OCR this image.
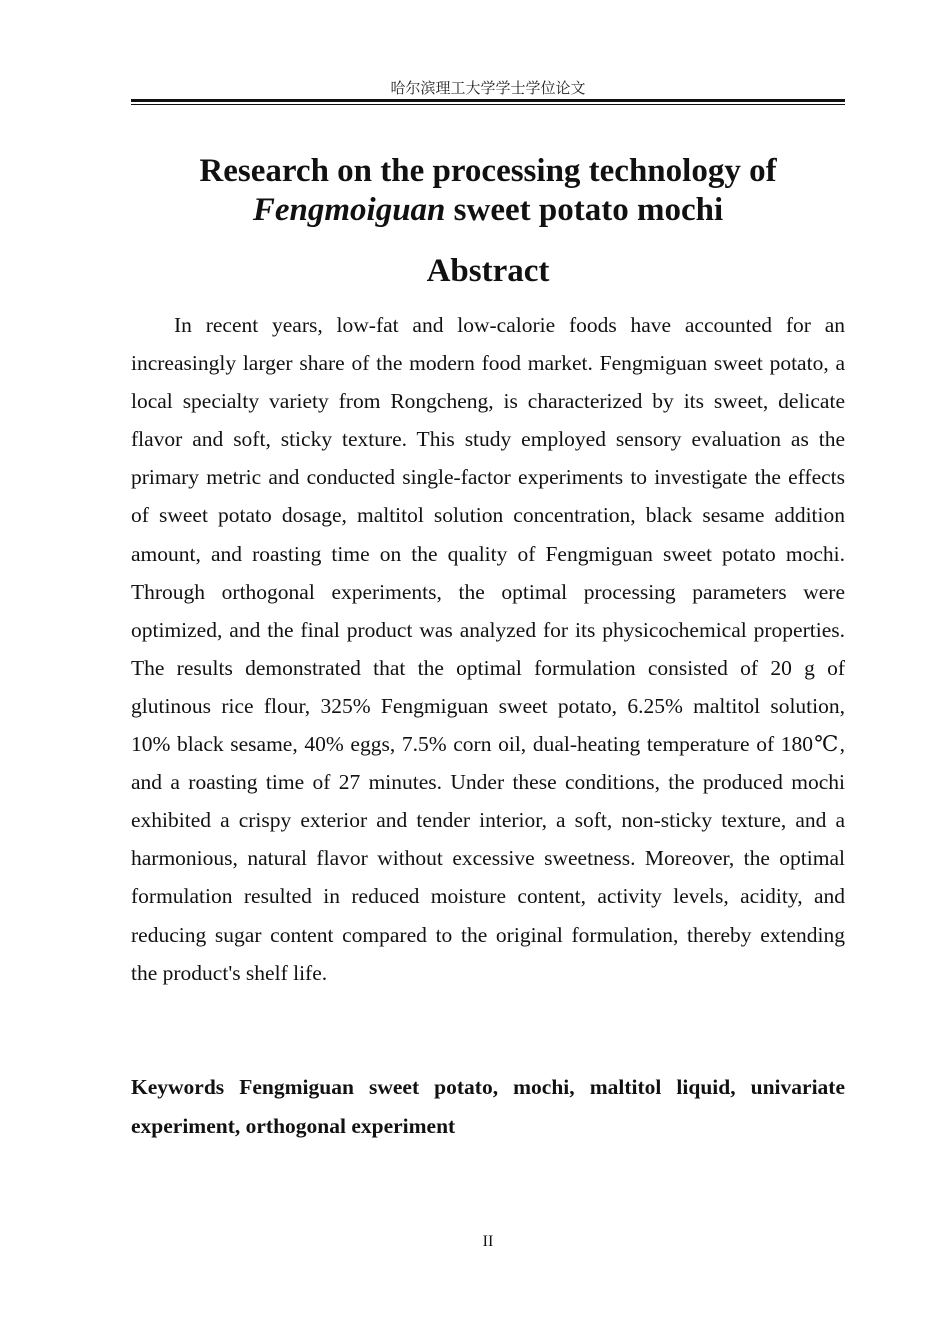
哈尔滨理工大学学士学位论文
Research on the processing technology of
Fengmoiguan sweet potato mochi
Abstract

In recent years, low-fat and low-calorie foods have accounted for an increasingly larger share of the modern food market. Fengmiguan sweet potato, a local specialty variety from Rongcheng, is characterized by its sweet, delicate flavor and soft, sticky texture. This study employed sensory evaluation as the primary metric and conducted single-factor experiments to investigate the effects of sweet potato dosage, maltitol solution concentration, black sesame addition amount, and roasting time on the quality of Fengmiguan sweet potato mochi. Through orthogonal experiments, the optimal processing parameters were optimized, and the final product was analyzed for its physicochemical properties. The results demonstrated that the optimal formulation consisted of 20 g of glutinous rice flour, 325% Fengmiguan sweet potato, 6.25% maltitol solution, 10% black sesame, 40% eggs, 7.5% corn oil, dual-heating temperature of 180℃, and a roasting time of 27 minutes. Under these conditions, the produced mochi exhibited a crispy exterior and tender interior, a soft, non-sticky texture, and a harmonious, natural flavor without excessive sweetness. Moreover, the optimal formulation resulted in reduced moisture content, activity levels, acidity, and reducing sugar content compared to the original formulation, thereby extending the product's shelf life.

Keywords Fengmiguan sweet potato, mochi, maltitol liquid, univariate experiment, orthogonal experiment

II
